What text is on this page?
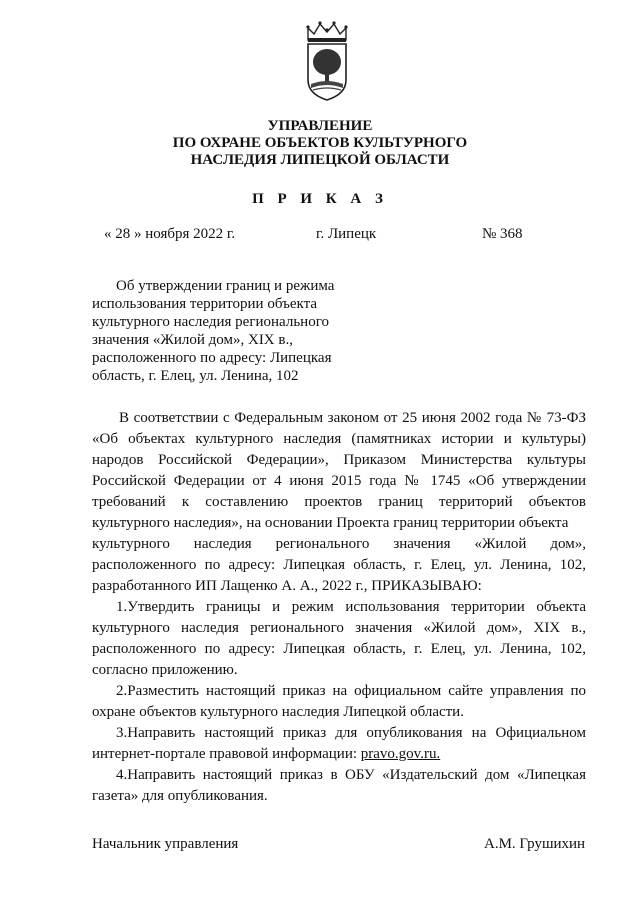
УПРАВЛЕНИЕ
ПО ОХРАНЕ ОБЪЕКТОВ КУЛЬТУРНОГО
НАСЛЕДИЯ ЛИПЕЦКОЙ ОБЛАСТИ
П Р И К А З
« 28 » ноября 2022 г.	г. Липецк	№ 368
Об утверждении границ и режима
использования территории объекта
культурного наследия регионального
значения «Жилой дом», XIX в.,
расположенного по адресу: Липецкая
область, г. Елец, ул. Ленина, 102
В соответствии с Федеральным законом от 25 июня 2002 года № 73-ФЗ
«Об объектах культурного наследия (памятниках истории и культуры)
народов Российской Федерации», Приказом Министерства культуры
Российской Федерации от 4 июня 2015 года № 1745 «Об утверждении
требований к составлению проектов границ территорий объектов
культурного наследия», на основании Проекта границ территории объекта
культурного наследия регионального значения «Жилой дом»,
расположенного по адресу: Липецкая область, г. Елец, ул. Ленина, 102,
разработанного ИП Лащенко А. А., 2022 г., ПРИКАЗЫВАЮ:
1.Утвердить границы и режим использования территории объекта
культурного наследия регионального значения «Жилой дом», XIX в.,
расположенного по адресу: Липецкая область, г. Елец, ул. Ленина, 102,
согласно приложению.
2.Разместить настоящий приказ на официальном сайте управления по
охране объектов культурного наследия Липецкой области.
3.Направить настоящий приказ для опубликования на Официальном
интернет-портале правовой информации: pravo.gov.ru.
4.Направить настоящий приказ в ОБУ «Издательский дом «Липецкая
газета» для опубликования.
Начальник управления	А.М. Грушихин
